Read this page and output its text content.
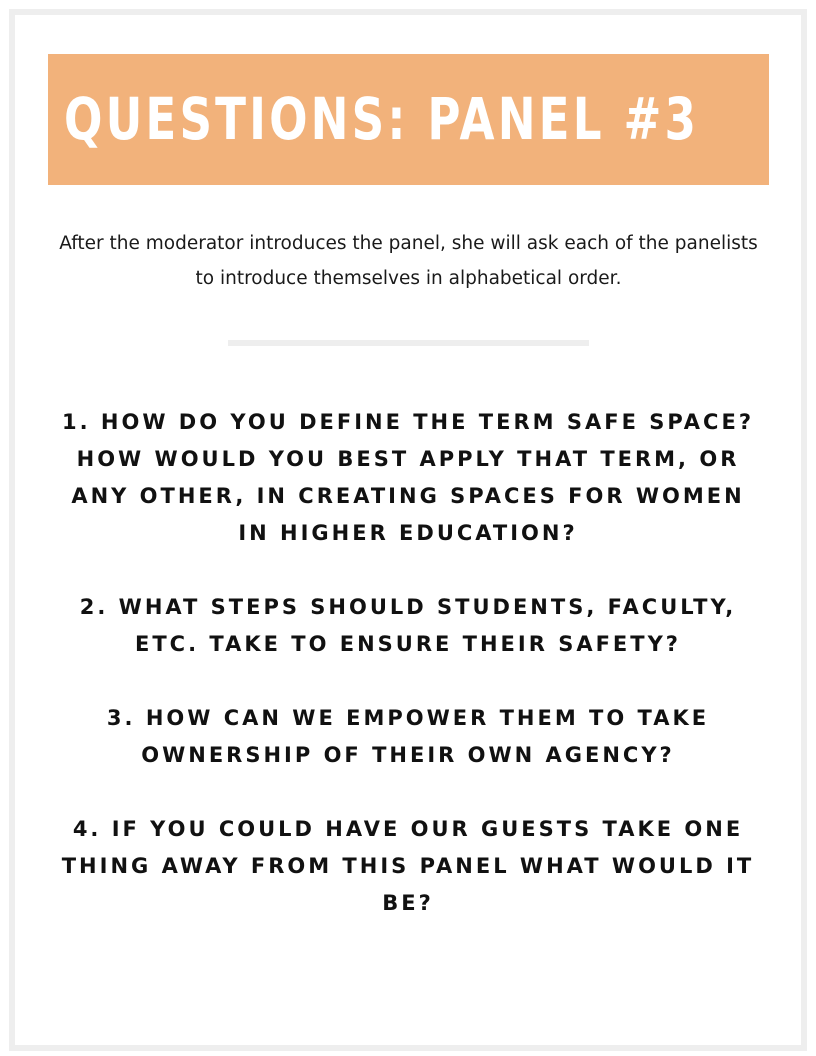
QUESTIONS: PANEL #3

After the moderator introduces the panel, she will ask each of the panelists to introduce themselves in alphabetical order.

1. HOW DO YOU DEFINE THE TERM SAFE SPACE? HOW WOULD YOU BEST APPLY THAT TERM, OR ANY OTHER, IN CREATING SPACES FOR WOMEN IN HIGHER EDUCATION?
2. WHAT STEPS SHOULD STUDENTS, FACULTY, ETC. TAKE TO ENSURE THEIR SAFETY?
3. HOW CAN WE EMPOWER THEM TO TAKE OWNERSHIP OF THEIR OWN AGENCY?
4. IF YOU COULD HAVE OUR GUESTS TAKE ONE THING AWAY FROM THIS PANEL WHAT WOULD IT BE?
